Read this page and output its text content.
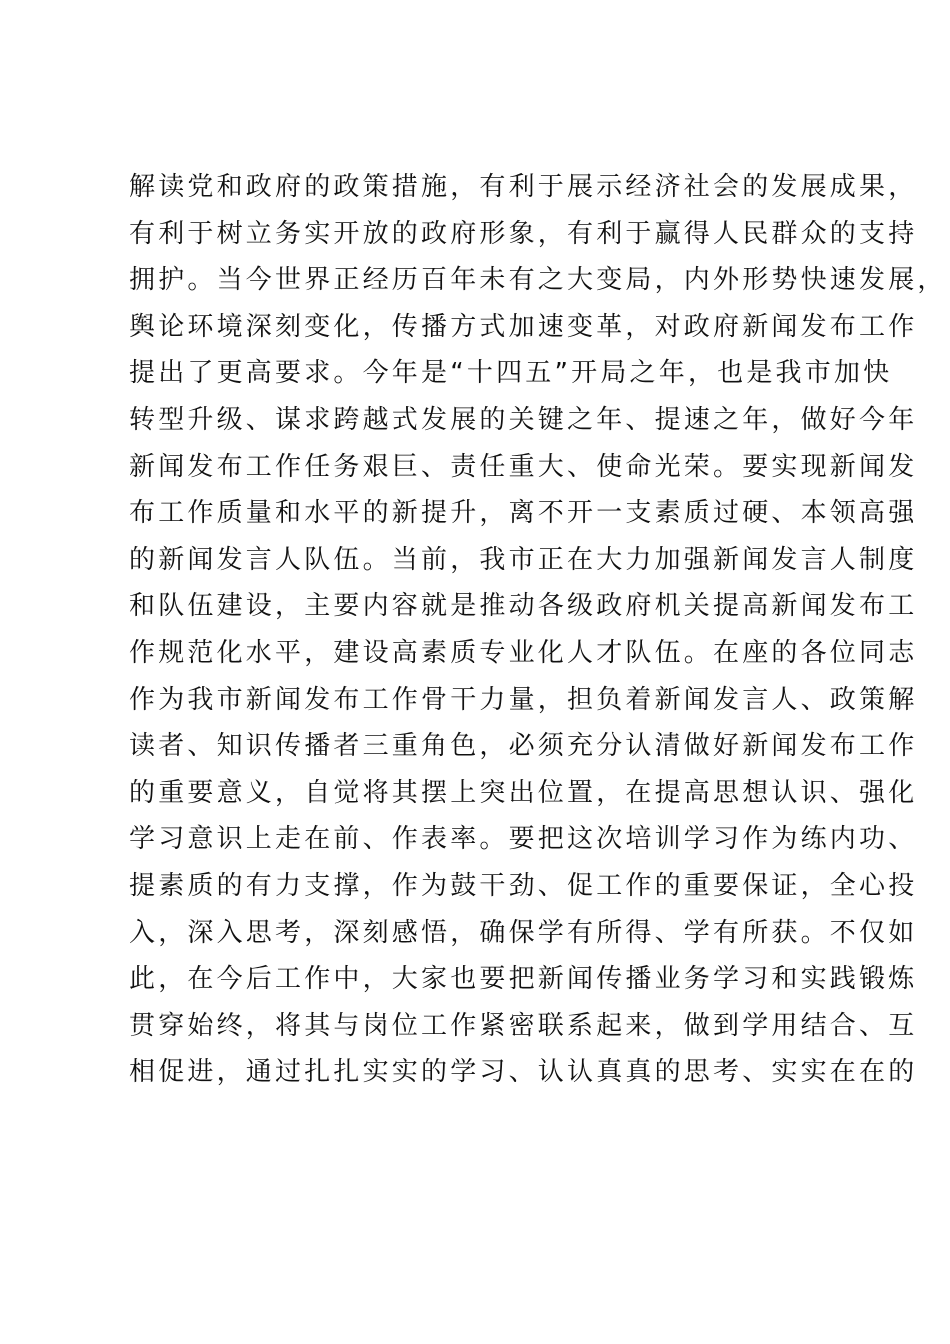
解读党和政府的政策措施，有利于展示经济社会的发展成果，
有利于树立务实开放的政府形象，有利于赢得人民群众的支持
拥护。当今世界正经历百年未有之大变局，内外形势快速发展，
舆论环境深刻变化，传播方式加速变革，对政府新闻发布工作
提出了更高要求。今年是“十四五”开局之年，也是我市加快
转型升级、谋求跨越式发展的关键之年、提速之年，做好今年
新闻发布工作任务艰巨、责任重大、使命光荣。要实现新闻发
布工作质量和水平的新提升，离不开一支素质过硬、本领高强
的新闻发言人队伍。当前，我市正在大力加强新闻发言人制度
和队伍建设，主要内容就是推动各级政府机关提高新闻发布工
作规范化水平，建设高素质专业化人才队伍。在座的各位同志
作为我市新闻发布工作骨干力量，担负着新闻发言人、政策解
读者、知识传播者三重角色，必须充分认清做好新闻发布工作
的重要意义，自觉将其摆上突出位置，在提高思想认识、强化
学习意识上走在前、作表率。要把这次培训学习作为练内功、
提素质的有力支撑，作为鼓干劲、促工作的重要保证，全心投
入，深入思考，深刻感悟，确保学有所得、学有所获。不仅如
此，在今后工作中，大家也要把新闻传播业务学习和实践锻炼
贯穿始终，将其与岗位工作紧密联系起来，做到学用结合、互
相促进，通过扎扎实实的学习、认认真真的思考、实实在在的
